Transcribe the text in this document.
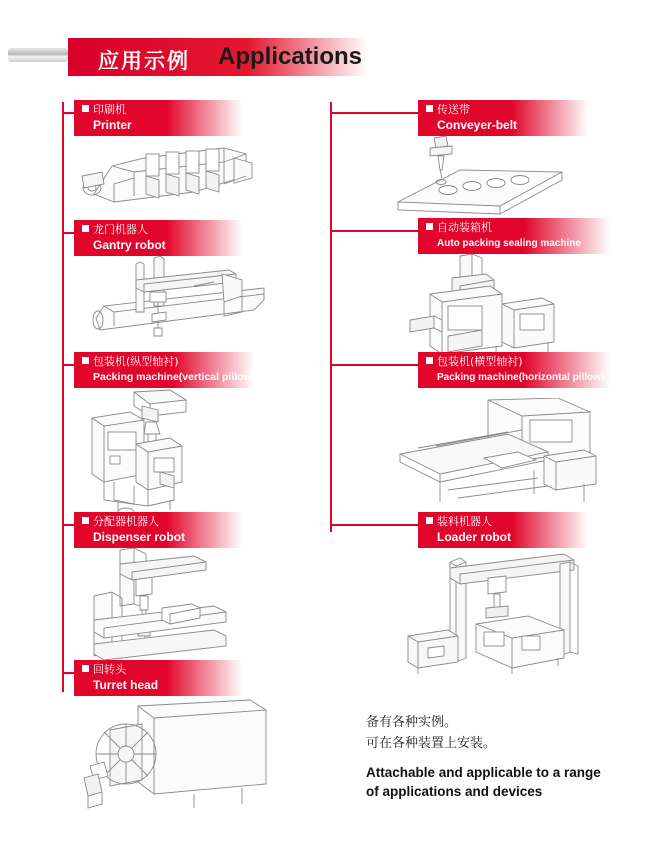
应用示例 Applications
印刷机
Printer
龙门机器人
Gantry robot
包装机(纵型轴衬)
Packing machine(vertical pillow)
分配器机器人
Dispenser robot
回转头
Turret head
传送带
Conveyer-belt
自动装箱机
Auto packing sealing machine
包装机(横型轴衬)
Packing machine(horizontal pillow)
装料机器人
Loader robot
备有各种实例。
可在各种装置上安装。
Attachable and applicable to a range
of applications and devices
